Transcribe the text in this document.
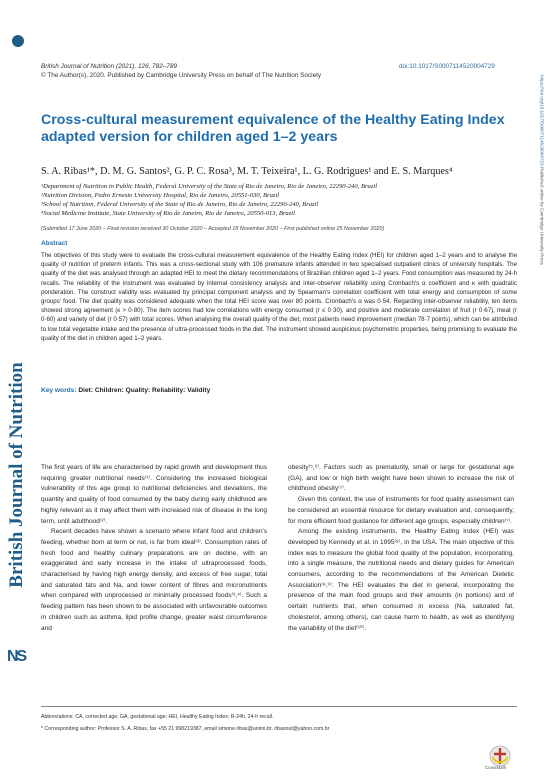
British Journal of Nutrition
NS
https://doi.org/10.1017/S0007114520004729 Published online by Cambridge University Press
British Journal of Nutrition (2021), 126, 782–789	doi:10.1017/S0007114520004729
© The Author(s), 2020. Published by Cambridge University Press on behalf of The Nutrition Society
Cross-cultural measurement equivalence of the Healthy Eating Index adapted version for children aged 1–2 years
S. A. Ribas¹*, D. M. G. Santos², G. P. C. Rosa³, M. T. Teixeira¹, L. G. Rodrigues¹ and E. S. Marques⁴
¹Department of Nutrition in Public Health, Federal University of the State of Rio de Janeiro, Rio de Janeiro, 22290-240, Brazil
²Nutrition Division, Pedro Ernesto University Hospital, Rio de Janeiro, 20551-030, Brazil
³School of Nutrition, Federal University of the State of Rio de Janeiro, Rio de Janeiro, 22290-240, Brazil
⁴Social Medicine Institute, State University of Rio de Janeiro, Rio de Janeiro, 20550-013, Brazil
(Submitted 17 June 2020 – Final revision received 30 October 2020 – Accepted 18 November 2020 – First published online 25 November 2020)
Abstract
The objectives of this study were to evaluate the cross-cultural measurement equivalence of the Healthy Eating Index (HEI) for children aged 1–2 years and to analyse the quality of nutrition of preterm infants. This was a cross-sectional study with 106 premature infants attended in two specialised outpatient clinics of university hospitals. The quality of the diet was analysed through an adapted HEI to meet the dietary recommendations of Brazilian children aged 1–2 years. Food consumption was measured by 24-h recalls. The reliability of the instrument was evaluated by internal consistency analysis and inter-observer reliability using Cronbach's α coefficient and κ with quadratic ponderation. The construct validity was evaluated by principal component analysis and by Spearman's correlation coefficient with total energy and consumption of some groups' food. The diet quality was considered adequate when the total HEI score was over 80 points. Cronbach's α was 0·54. Regarding inter-observer reliability, ten items showed strong agreement (κ > 0·80). The item scores had low correlations with energy consumed (r ≤ 0·30), and positive and moderate correlation of fruit (r 0·67), meat (r 0·60) and variety of diet (r 0·57) with total scores. When analysing the overall quality of the diet, most patients need improvement (median 78·7 points), which can be attributed to low total vegetable intake and the presence of ultra-processed foods in the diet. The instrument showed auspicious psychometric properties, being promising to evaluate the quality of the diet in children aged 1–2 years.
Key words: Diet: Children: Quality: Reliability: Validity

The first years of life are characterised by rapid growth and development thus requiring greater nutritional needs⁽¹⁾. Considering the increased biological vulnerability of this age group to nutritional deficiencies and deviations, the quantity and quality of food consumed by the baby during early childhood are highly relevant as it may affect them with increased risk of disease in the long term, until adulthood⁽²⁾.

Recent decades have shown a scenario where infant food and children's feeding, whether born at term or not, is far from ideal⁽³⁾. Consumption rates of fresh food and healthy culinary preparations are on decline, with an exaggerated and early increase in the intake of ultraprocessed foods, characterised by having high energy density, and excess of free sugar, total and saturated fats and Na, and lower content of fibres and micronutrients when compared with unprocessed or minimally processed foods⁽³,⁴⁾. Such a feeding pattern has been shown to be associated with unfavourable outcomes in children such as asthma, lipid profile change, greater waist circumference and

obesity⁽⁵,⁶⁾. Factors such as prematurity, small or large for gestational age (GA), and low or high birth weight have been shown to increase the risk of childhood obesity⁽⁷⁾.

Given this context, the use of instruments for food quality assessment can be considered an essential resource for dietary evaluation and, consequently, for more efficient food guidance for different age groups, especially children⁽⁷⁾.

Among the existing instruments, the Healthy Eating Index (HEI) was developed by Kennedy et al. in 1995⁽⁸⁾, in the USA. The main objective of this index was to measure the global food quality of the population, incorporating, into a single measure, the nutritional needs and dietary guides for American consumers, according to the recommendations of the American Dietetic Association⁽⁸,⁹⁾. The HEI evaluates the diet in general, incorporating the presence of the main food groups and their amounts (in portions) and of certain nutrients that, when consumed in excess (Na, saturated fat, cholesterol, among others), can cause harm to health, as well as identifying the variability of the diet⁽¹⁰⁾.

Abbreviations: CA, corrected age; GA, gestational age; HEI, Healthy Eating Index; R-24h, 24-h recall.
* Corresponding author: Professor S. A. Ribas, fax +55 21 998219387, email simone.ribas@unirio.br, ribasnut@yahoo.com.br
CrossMark
